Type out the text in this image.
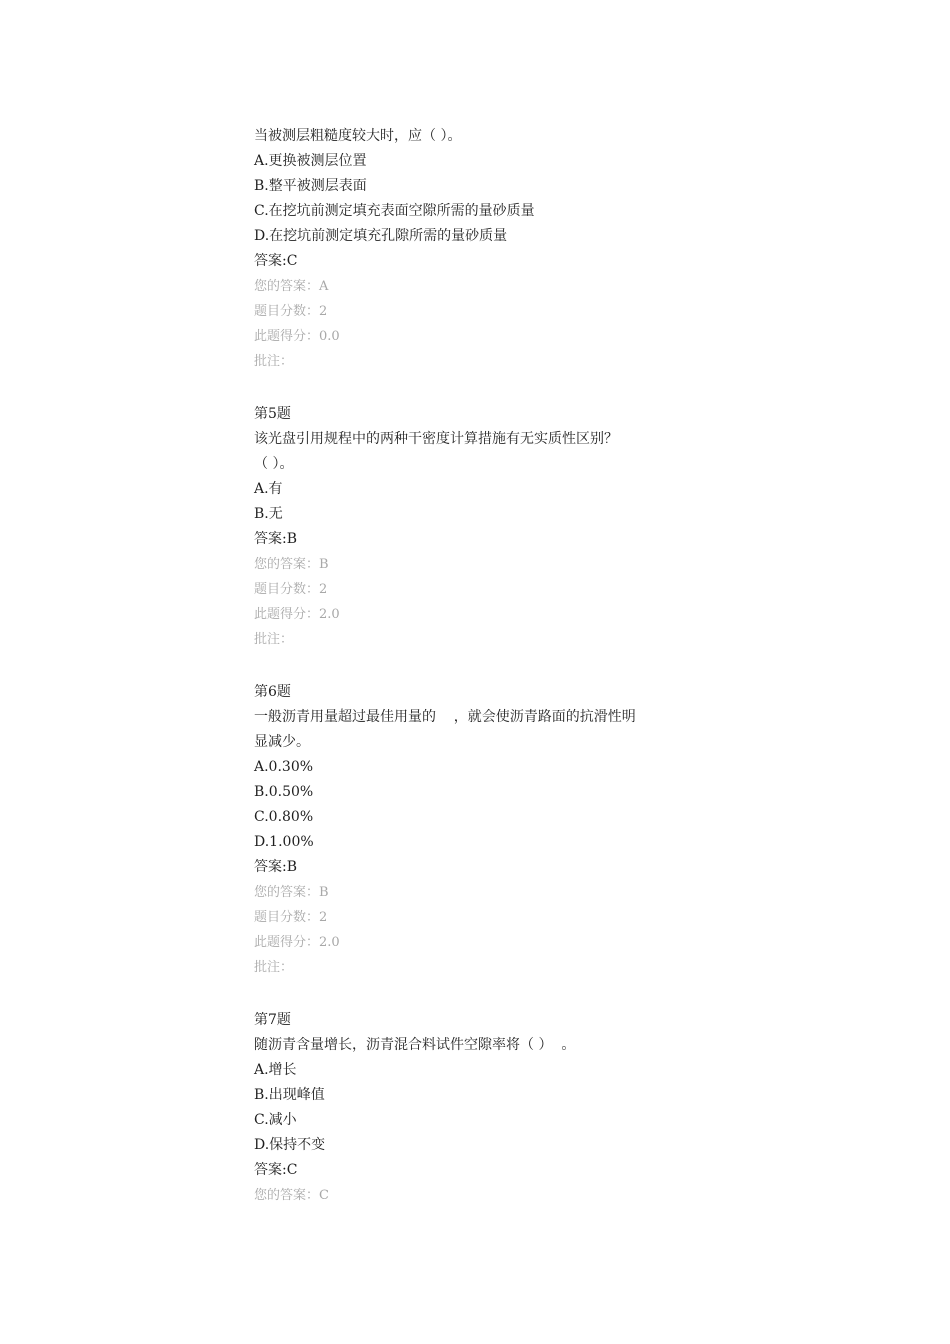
当被测层粗糙度较大时，应（ ）。
A.更换被测层位置
B.整平被测层表面
C.在挖坑前测定填充表面空隙所需的量砂质量
D.在挖坑前测定填充孔隙所需的量砂质量
答案:C
您的答案：A
题目分数：2
此题得分：0.0
批注：
第5题
该光盘引用规程中的两种干密度计算措施有无实质性区别？
（ ）。
A.有
B.无
答案:B
您的答案：B
题目分数：2
此题得分：2.0
批注：
第6题
一般沥青用量超过最佳用量的    ，就会使沥青路面的抗滑性明
显减少。
A.0.30%
B.0.50%
C.0.80%
D.1.00%
答案:B
您的答案：B
题目分数：2
此题得分：2.0
批注：
第7题
随沥青含量增长，沥青混合料试件空隙率将（ ）  。
A.增长
B.出现峰值
C.减小
D.保持不变
答案:C
您的答案：C
